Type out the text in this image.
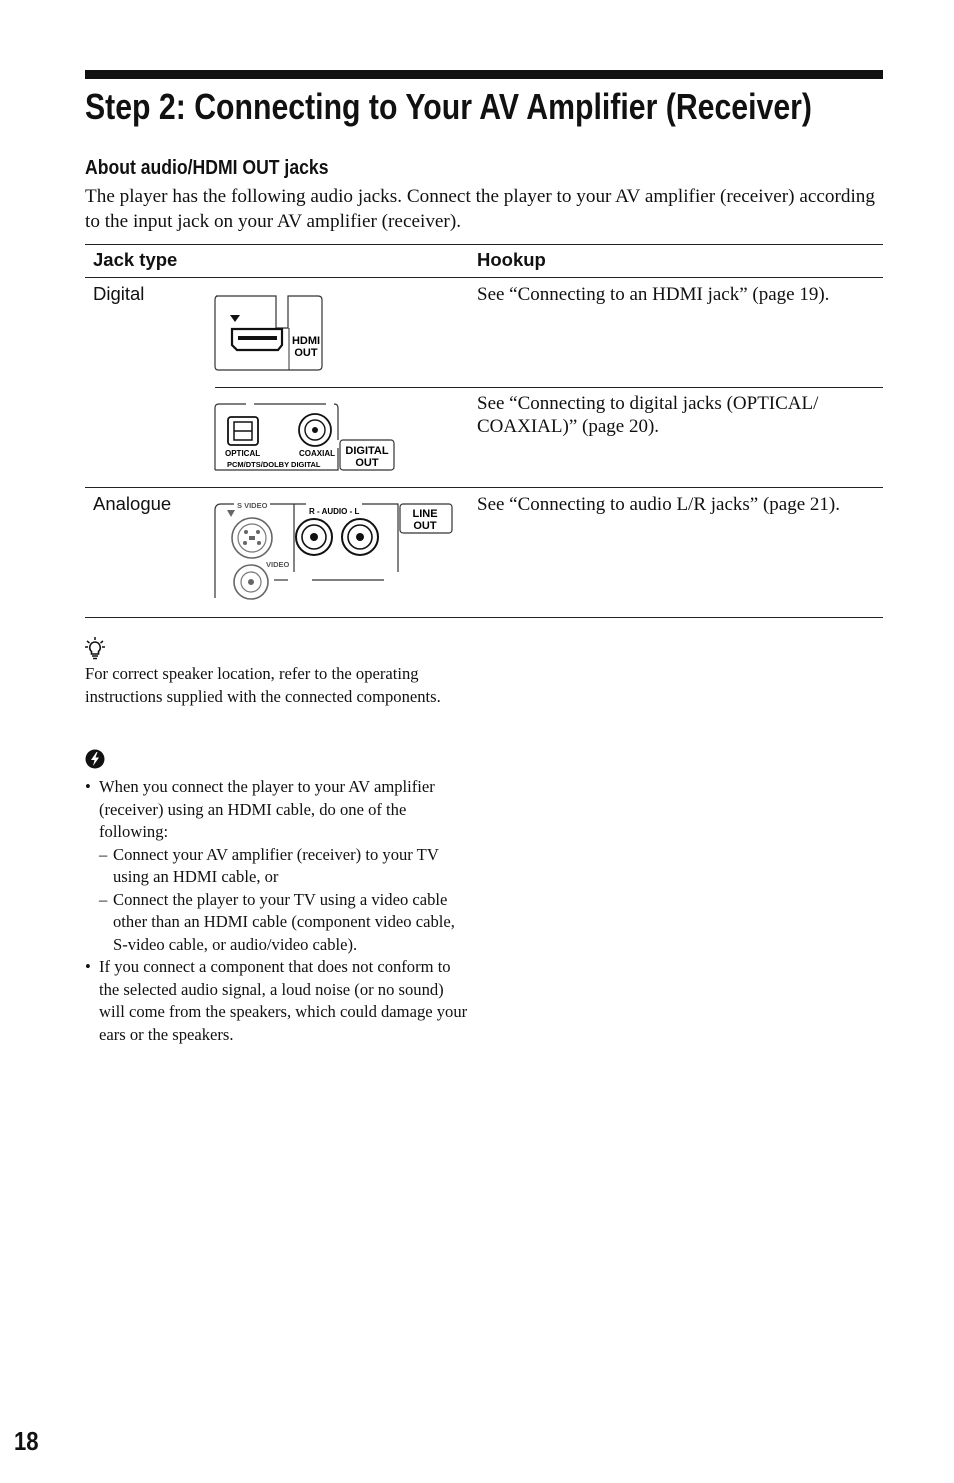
Step 2: Connecting to Your AV Amplifier (Receiver)
About audio/HDMI OUT jacks
The player has the following audio jacks. Connect the player to your AV amplifier (receiver) according to the input jack on your AV amplifier (receiver).
Jack type	Hookup
Digital	See “Connecting to an HDMI jack” (page 19).
HDMI
OUT
See “Connecting to digital jacks (OPTICAL/
COAXIAL)” (page 20).
OPTICAL	COAXIAL
PCM/DTS/DOLBY DIGITAL
DIGITAL
OUT
Analogue	See “Connecting to audio L/R jacks” (page 21).
S VIDEO
VIDEO
R - AUDIO - L	LINE
OUT
For correct speaker location, refer to the operating instructions supplied with the connected components.
• When you connect the player to your AV amplifier (receiver) using an HDMI cable, do one of the following:
– Connect your AV amplifier (receiver) to your TV using an HDMI cable, or
– Connect the player to your TV using a video cable other than an HDMI cable (component video cable, S-video cable, or audio/video cable).
• If you connect a component that does not conform to the selected audio signal, a loud noise (or no sound) will come from the speakers, which could damage your ears or the speakers.
18
